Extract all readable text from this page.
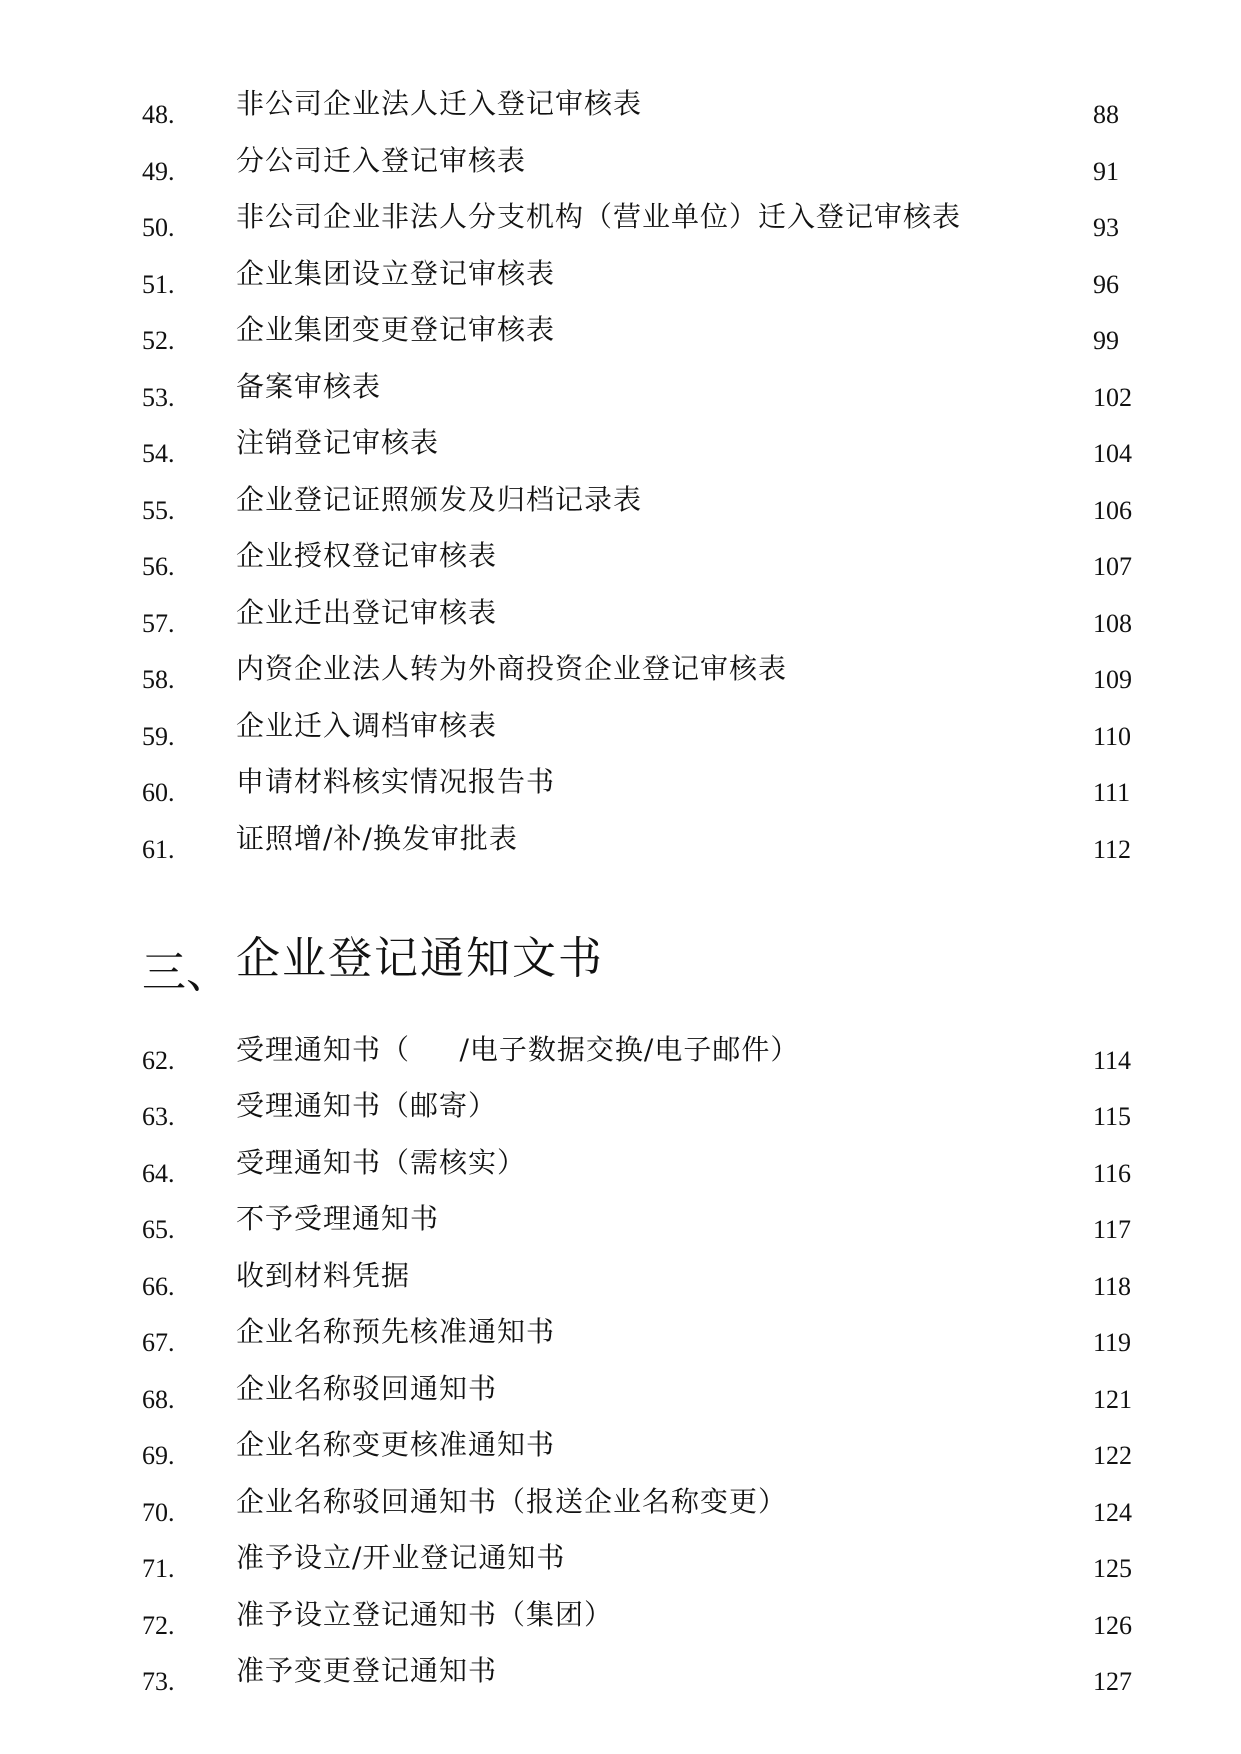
48. 非公司企业法人迁入登记审核表	88
49. 分公司迁入登记审核表	91
50. 非公司企业非法人分支机构（营业单位）迁入登记审核表	93
51. 企业集团设立登记审核表	96
52. 企业集团变更登记审核表	99
53. 备案审核表	102
54. 注销登记审核表	104
55. 企业登记证照颁发及归档记录表	106
56. 企业授权登记审核表	107
57. 企业迁出登记审核表	108
58. 内资企业法人转为外商投资企业登记审核表	109
59. 企业迁入调档审核表	110
60. 申请材料核实情况报告书	111
61. 证照增/补/换发审批表	112
三、 企业登记通知文书
62. 受理通知书（     /电子数据交换/电子邮件）	114
63. 受理通知书（邮寄）	115
64. 受理通知书（需核实）	116
65. 不予受理通知书	117
66. 收到材料凭据	118
67. 企业名称预先核准通知书	119
68. 企业名称驳回通知书	121
69. 企业名称变更核准通知书	122
70. 企业名称驳回通知书（报送企业名称变更）	124
71. 准予设立/开业登记通知书	125
72. 准予设立登记通知书（集团）	126
73. 准予变更登记通知书	127
